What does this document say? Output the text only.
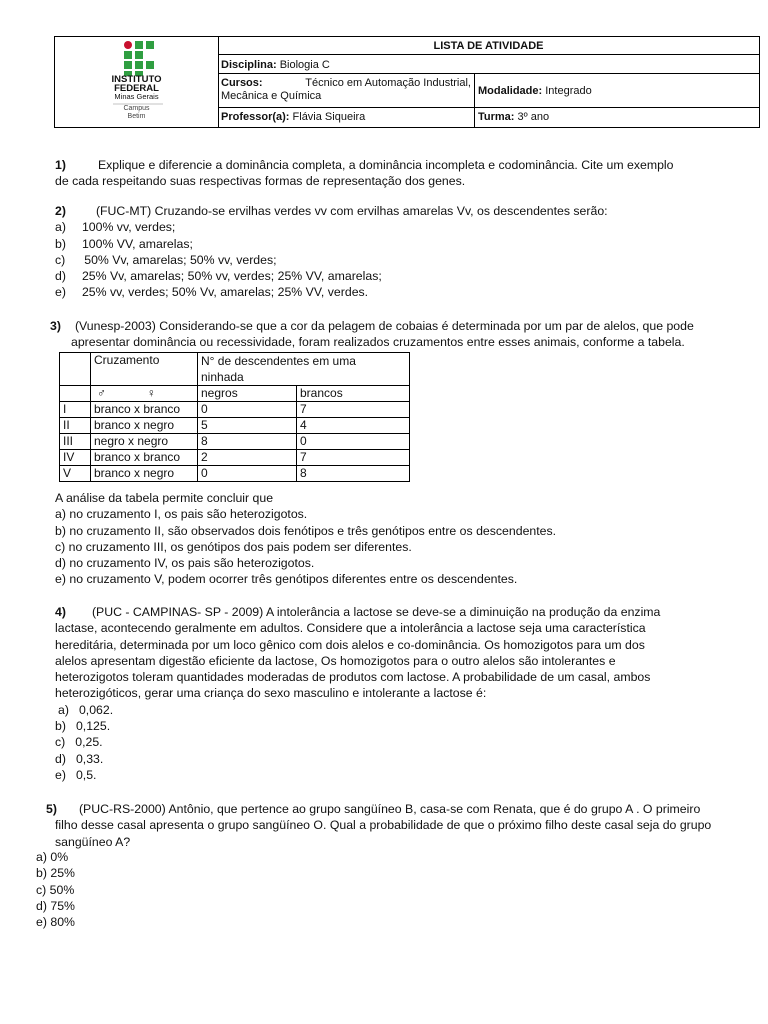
INSTITUTO
FEDERAL
Minas Gerais
Campus
Betim
LISTA DE ATIVIDADE
Disciplina: Biologia C
Cursos:	Técnico em Automação Industrial,
Mecânica e Química	Modalidade: Integrado
Professor(a): Flávia Siqueira	Turma: 3º ano
1)	Explique e diferencie a dominância completa, a dominância incompleta e codominância. Cite um exemplo
de cada respeitando suas respectivas formas de representação dos genes.
2) (FUC-MT) Cruzando-se ervilhas verdes vv com ervilhas amarelas Vv, os descendentes serão:
a) 100% vv, verdes;
b) 100% VV, amarelas;
c) 50% Vv, amarelas; 50% vv, verdes;
d) 25% Vv, amarelas; 50% vv, verdes; 25% VV, amarelas;
e) 25% vv, verdes; 50% Vv, amarelas; 25% VV, verdes.
3) (Vunesp-2003) Considerando-se que a cor da pelagem de cobaias é determinada por um par de alelos, que pode
apresentar dominância ou recessividade, foram realizados cruzamentos entre esses animais, conforme a tabela.
	Cruzamento	N° de descendentes em uma
ninhada	

	♂ ♀	negros	brancos
I	branco x branco	0	7
II	branco x negro	5	4
III	negro x negro	8	0
IV	branco x branco	2	7
V	branco x negro	0	8
A análise da tabela permite concluir que
a) no cruzamento I, os pais são heterozigotos.
b) no cruzamento II, são observados dois fenótipos e três genótipos entre os descendentes.
c) no cruzamento III, os genótipos dos pais podem ser diferentes.
d) no cruzamento IV, os pais são heterozigotos.
e) no cruzamento V, podem ocorrer três genótipos diferentes entre os descendentes.
4) (PUC - CAMPINAS- SP - 2009) A intolerância a lactose se deve-se a diminuição na produção da enzima
lactase, acontecendo geralmente em adultos. Considere que a intolerância a lactose seja uma característica
hereditária, determinada por um loco gênico com dois alelos e co-dominância. Os homozigotos para um dos
alelos apresentam digestão eficiente da lactose, Os homozigotos para o outro alelos são intolerantes e
heterozigotos toleram quantidades moderadas de produtos com lactose. A probabilidade de um casal, ambos
heterozigóticos, gerar uma criança do sexo masculino e intolerante a lactose é:
a) 0,062.
b) 0,125.
c) 0,25.
d) 0,33.
e) 0,5.
5) (PUC-RS-2000) Antônio, que pertence ao grupo sangüíneo B, casa-se com Renata, que é do grupo A . O primeiro
filho desse casal apresenta o grupo sangüíneo O. Qual a probabilidade de que o próximo filho deste casal seja do grupo
sangüíneo A?
a) 0%
b) 25%
c) 50%
d) 75%
e) 80%
